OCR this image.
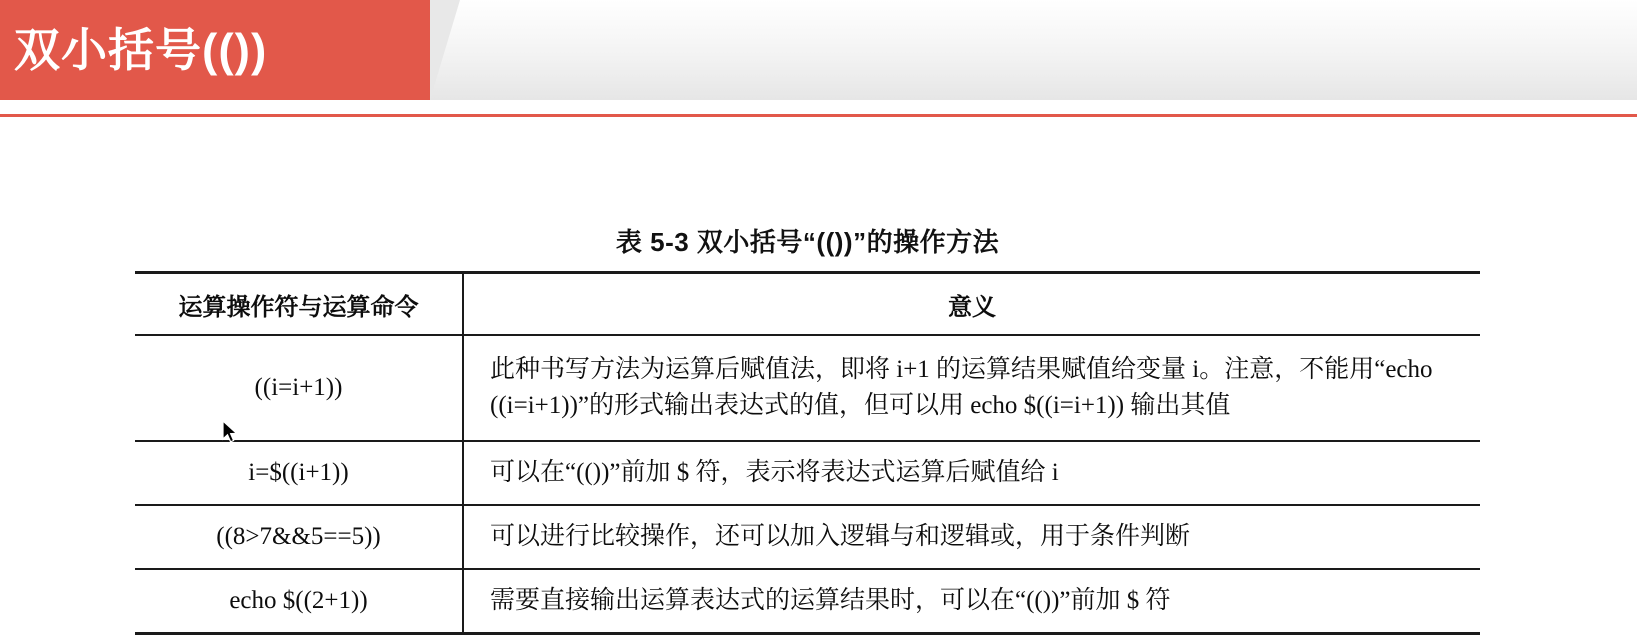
双小括号(())
表 5-3 双小括号“(())”的操作方法
运算操作符与运算命令	意义
((i=i+1))	此种书写方法为运算后赋值法，即将 i+1 的运算结果赋值给变量 i。注意，不能用“echo ((i=i+1))”的形式输出表达式的值，但可以用 echo $((i=i+1)) 输出其值
i=$((i+1))	可以在“(())”前加 $ 符，表示将表达式运算后赋值给 i
((8>7&&5==5))	可以进行比较操作，还可以加入逻辑与和逻辑或，用于条件判断
echo $((2+1))	需要直接输出运算表达式的运算结果时，可以在“(())”前加 $ 符
